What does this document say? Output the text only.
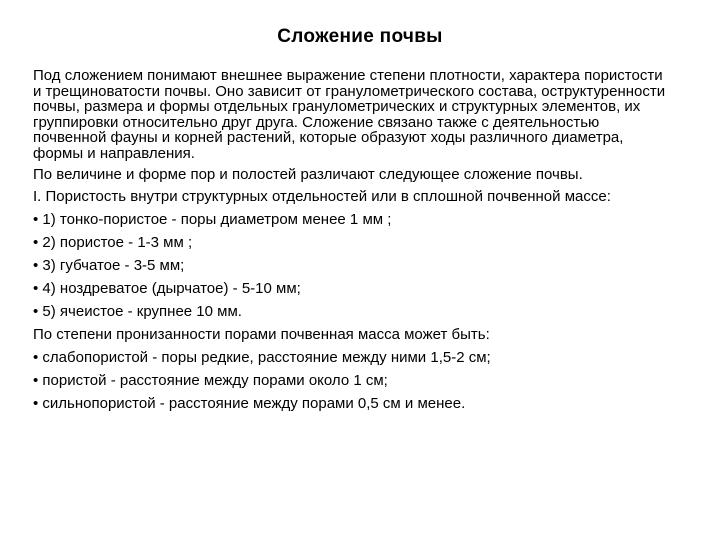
Сложение почвы

Под сложением понимают внешнее выражение степени плотности, характера пористости и трещиноватости почвы. Оно зависит от гранулометрического состава, оструктуренности почвы, размера и формы отдельных гранулометрических и структурных элементов, их группировки относительно друг друга. Сложение связано также с деятельностью почвенной фауны и корней растений, которые образуют ходы различного диаметра, формы и направления.

По величине и форме пор и полостей различают следующее сложение почвы.

I. Пористость внутри структурных отдельностей или в сплошной почвенной массе:

• 1) тонко-пористое - поры диаметром менее 1 мм ;

• 2) пористое - 1-3 мм ;

• 3) губчатое - 3-5 мм;

• 4) ноздреватое (дырчатое) - 5-10 мм;

• 5) ячеистое - крупнее 10 мм.

По степени пронизанности порами почвенная масса может быть:

• слабопористой - поры редкие, расстояние между ними 1,5-2 см;

• пористой - расстояние между порами около 1 см;

• сильнопористой - расстояние между порами 0,5 см и менее.
